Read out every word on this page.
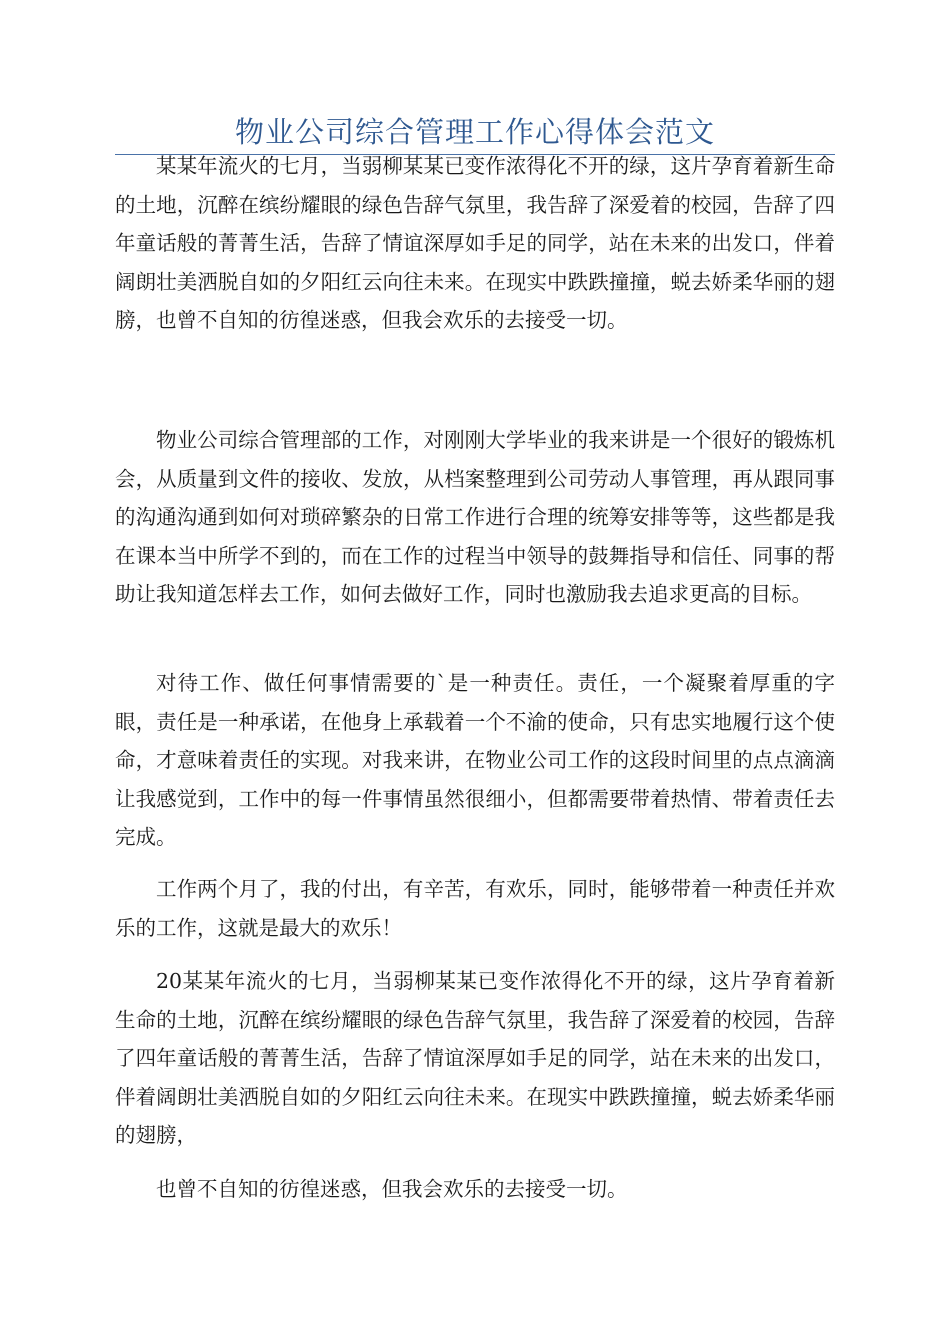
物业公司综合管理工作心得体会范文

某某年流火的七月，当弱柳某某已变作浓得化不开的绿，这片孕育着新生命的土地，沉醉在缤纷耀眼的绿色告辞气氛里，我告辞了深爱着的校园，告辞了四年童话般的菁菁生活，告辞了情谊深厚如手足的同学，站在未来的出发口，伴着阔朗壮美洒脱自如的夕阳红云向往未来。在现实中跌跌撞撞，蜕去娇柔华丽的翅膀，也曾不自知的彷徨迷惑，但我会欢乐的去接受一切。

物业公司综合管理部的工作，对刚刚大学毕业的我来讲是一个很好的锻炼机会，从质量到文件的接收、发放，从档案整理到公司劳动人事管理，再从跟同事的沟通沟通到如何对琐碎繁杂的日常工作进行合理的统筹安排等等，这些都是我在课本当中所学不到的，而在工作的过程当中领导的鼓舞指导和信任、同事的帮助让我知道怎样去工作，如何去做好工作，同时也激励我去追求更高的目标。

对待工作、做任何事情需要的`是一种责任。责任，一个凝聚着厚重的字眼，责任是一种承诺，在他身上承载着一个不渝的使命，只有忠实地履行这个使命，才意味着责任的实现。对我来讲，在物业公司工作的这段时间里的点点滴滴让我感觉到，工作中的每一件事情虽然很细小，但都需要带着热情、带着责任去完成。

工作两个月了，我的付出，有辛苦，有欢乐，同时，能够带着一种责任并欢乐的工作，这就是最大的欢乐！

20某某年流火的七月，当弱柳某某已变作浓得化不开的绿，这片孕育着新生命的土地，沉醉在缤纷耀眼的绿色告辞气氛里，我告辞了深爱着的校园，告辞了四年童话般的菁菁生活，告辞了情谊深厚如手足的同学，站在未来的出发口，伴着阔朗壮美洒脱自如的夕阳红云向往未来。在现实中跌跌撞撞，蜕去娇柔华丽的翅膀，

也曾不自知的彷徨迷惑，但我会欢乐的去接受一切。
